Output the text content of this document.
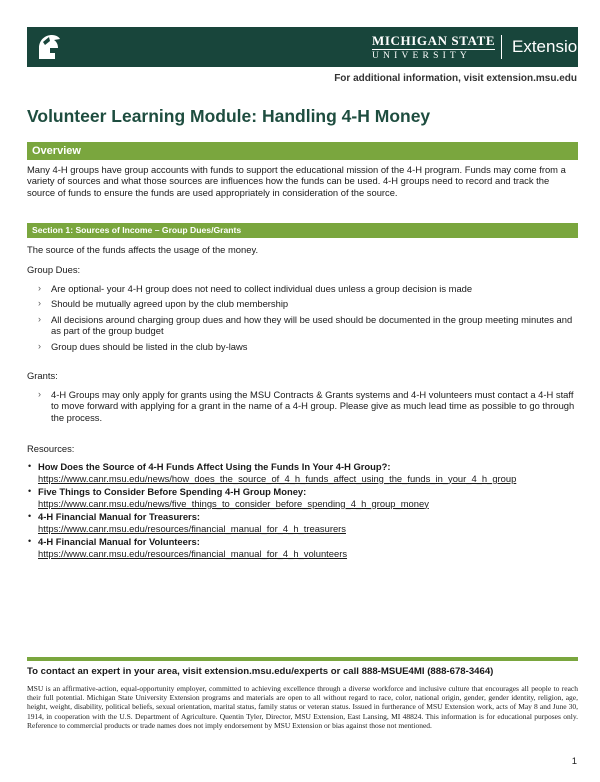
MICHIGAN STATE
UNIVERSITY	Extension
For additional information, visit extension.msu.edu
Volunteer Learning Module: Handling 4-H Money
Overview

Many 4-H groups have group accounts with funds to support the educational mission of the 4-H program. Funds may come from a variety of sources and what those sources are influences how the funds can be used. 4-H groups need to record and track the source of funds to ensure the funds are used appropriately in consideration of the source.

Section 1: Sources of Income – Group Dues/Grants

The source of the funds affects the usage of the money.

Group Dues:

› Are optional- your 4-H group does not need to collect individual dues unless a group decision is made
› Should be mutually agreed upon by the club membership
› All decisions around charging group dues and how they will be used should be documented in the group meeting minutes and as part of the group budget
› Group dues should be listed in the club by-laws

Grants:

› 4-H Groups may only apply for grants using the MSU Contracts & Grants systems and 4-H volunteers must contact a 4-H staff to move forward with applying for a grant in the name of a 4-H group. Please give as much lead time as possible to go through the process.

Resources:

• How Does the Source of 4-H Funds Affect Using the Funds In Your 4-H Group?:
https://www.canr.msu.edu/news/how_does_the_source_of_4_h_funds_affect_using_the_funds_in_your_4_h_group
• Five Things to Consider Before Spending 4-H Group Money:
https://www.canr.msu.edu/news/five_things_to_consider_before_spending_4_h_group_money
• 4-H Financial Manual for Treasurers:
https://www.canr.msu.edu/resources/financial_manual_for_4_h_treasurers
• 4-H Financial Manual for Volunteers:
https://www.canr.msu.edu/resources/financial_manual_for_4_h_volunteers
To contact an expert in your area, visit extension.msu.edu/experts or call 888-MSUE4MI (888-678-3464)

MSU is an affirmative-action, equal-opportunity employer, committed to achieving excellence through a diverse workforce and inclusive culture that encourages all people to reach their full potential. Michigan State University Extension programs and materials are open to all without regard to race, color, national origin, gender, gender identity, religion, age, height, weight, disability, political beliefs, sexual orientation, marital status, family status or veteran status. Issued in furtherance of MSU Extension work, acts of May 8 and June 30, 1914, in cooperation with the U.S. Department of Agriculture. Quentin Tyler, Director, MSU Extension, East Lansing, MI 48824. This information is for educational purposes only. Reference to commercial products or trade names does not imply endorsement by MSU Extension or bias against those not mentioned.

1
